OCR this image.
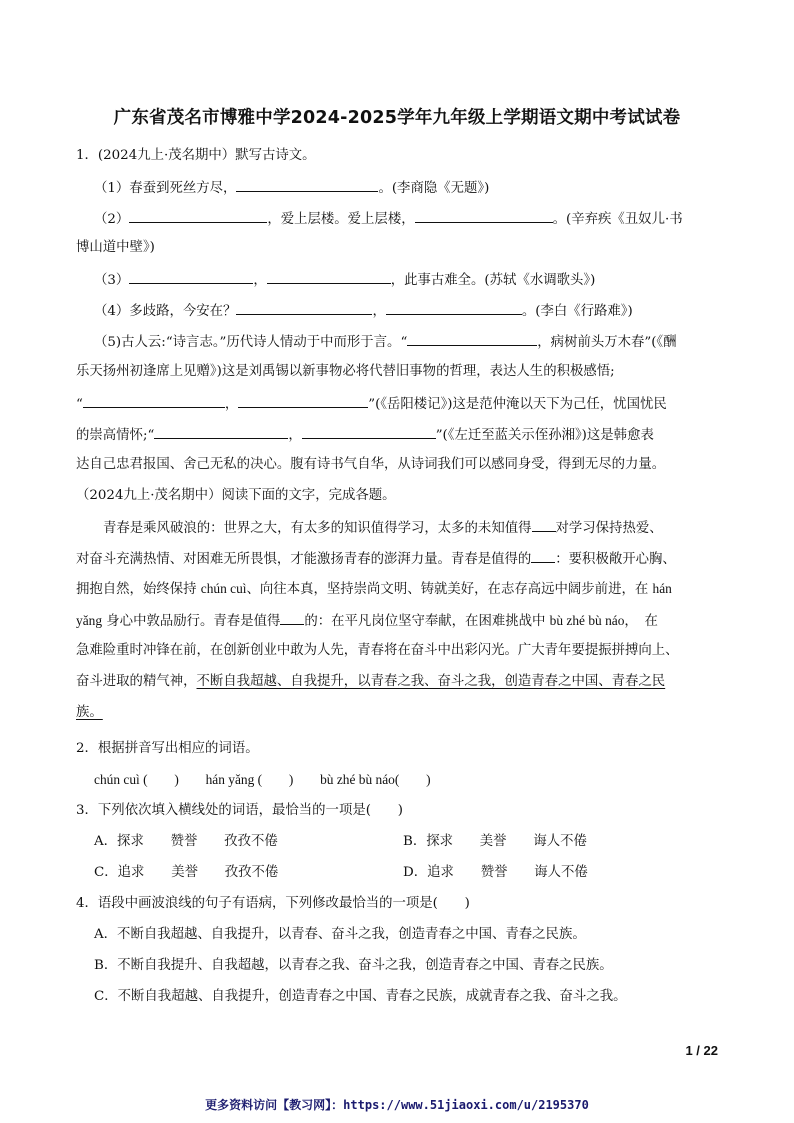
广东省茂名市博雅中学2024-2025学年九年级上学期语文期中考试试卷
1．(2024九上·茂名期中）默写古诗文。
（1）春蚕到死丝方尽，	。(李商隐《无题》)
（2）	，爱上层楼。爱上层楼，	。(辛弃疾《丑奴儿·书
博山道中壁》)
（3）	，	，此事古难全。(苏轼《水调歌头》)
（4）多歧路，今安在？	，	。(李白《行路难》)
（5)古人云:“诗言志。”历代诗人情动于中而形于言。“	，病树前头万木春”(《酬
乐天扬州初逢席上见赠》)这是刘禹锡以新事物必将代替旧事物的哲理，表达人生的积极感悟;
“	，	”(《岳阳楼记》)这是范仲淹以天下为己任，忧国忧民
的崇高情怀;“	，	”(《左迁至蓝关示侄孙湘》)这是韩愈表
达自己忠君报国、舍己无私的决心。腹有诗书气自华，从诗词我们可以感同身受，得到无尽的力量。
（2024九上·茂名期中）阅读下面的文字，完成各题。
青春是乘风破浪的：世界之大，有太多的知识值得学习，太多的未知值得 对学习保持热爱、
对奋斗充满热情、对困难无所畏惧，才能激扬青春的澎湃力量。青春是值得的 ：要积极敞开心胸、
拥抱自然，始终保持 chún cuì、向往本真，坚持崇尚文明、铸就美好，在志存高远中阔步前进，在 hán
yǎng 身心中敦品励行。青春是值得 的：在平凡岗位坚守奉献，在困难挑战中 bù zhé bù náo，　在
急难险重时冲锋在前，在创新创业中敢为人先，青春将在奋斗中出彩闪光。广大青年要提振拼搏向上、
奋斗进取的精气神，不断自我超越、自我提升，以青春之我、奋斗之我，创造青春之中国、青春之民
族。
2．根据拼音写出相应的词语。
chún cuì (　　)　　hán yǎng (　　)　　bù zhé bù náo(　　)
3．下列依次填入横线处的词语，最恰当的一项是(　　)
A．探求　　赞誉　　孜孜不倦	B．探求　　美誉　　诲人不倦
C．追求　　美誉　　孜孜不倦	D．追求　　赞誉　　诲人不倦
4．语段中画波浪线的句子有语病，下列修改最恰当的一项是(　　)
A．不断自我超越、自我提升，以青春、奋斗之我，创造青春之中国、青春之民族。
B．不断自我提升、自我超越，以青春之我、奋斗之我，创造青春之中国、青春之民族。
C．不断自我超越、自我提升，创造青春之中国、青春之民族，成就青春之我、奋斗之我。
1 / 22
更多资料访问【教习网】：https://www.51jiaoxi.com/u/2195370
